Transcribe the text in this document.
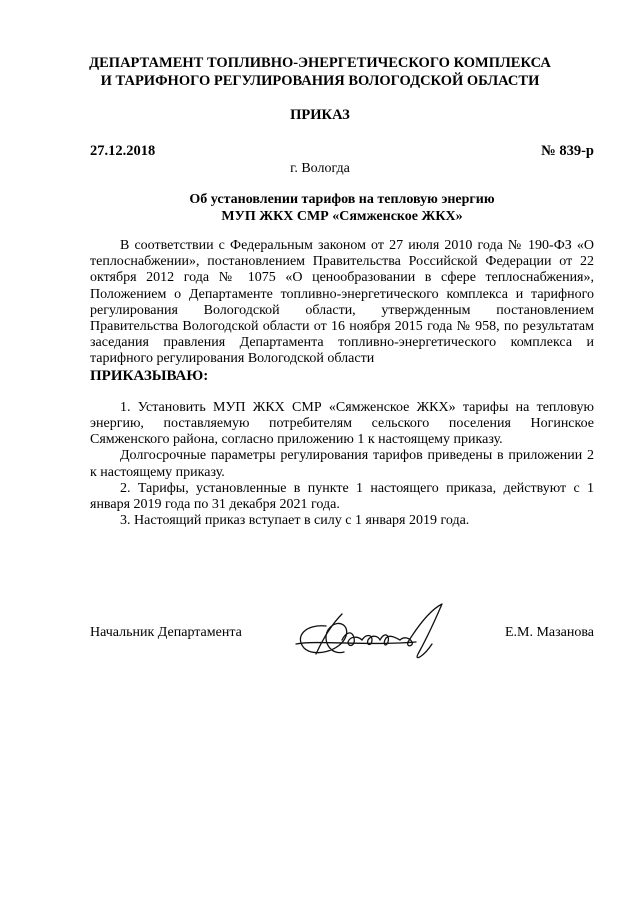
ДЕПАРТАМЕНТ ТОПЛИВНО-ЭНЕРГЕТИЧЕСКОГО КОМПЛЕКСА
И ТАРИФНОГО РЕГУЛИРОВАНИЯ ВОЛОГОДСКОЙ ОБЛАСТИ
ПРИКАЗ
27.12.2018	№ 839-р
г. Вологда
Об установлении тарифов на тепловую энергию
МУП ЖКХ СМР «Сямженское ЖКХ»

В соответствии с Федеральным законом от 27 июля 2010 года № 190-ФЗ «О теплоснабжении», постановлением Правительства Российской Федерации от 22 октября 2012 года № 1075 «О ценообразовании в сфере теплоснабжения», Положением о Департаменте топливно-энергетического комплекса и тарифного регулирования Вологодской области, утвержденным постановлением Правительства Вологодской области от 16 ноября 2015 года № 958, по результатам заседания правления Департамента топливно-энергетического комплекса и тарифного регулирования Вологодской области

ПРИКАЗЫВАЮ:

1. Установить МУП ЖКХ СМР «Сямженское ЖКХ» тарифы на тепловую энергию, поставляемую потребителям сельского поселения Ногинское Сямженского района, согласно приложению 1 к настоящему приказу.

Долгосрочные параметры регулирования тарифов приведены в приложении 2 к настоящему приказу.

2. Тарифы, установленные в пункте 1 настоящего приказа, действуют с 1 января 2019 года по 31 декабря 2021 года.

3. Настоящий приказ вступает в силу с 1 января 2019 года.

Начальник Департамента	Е.М. Мазанова
